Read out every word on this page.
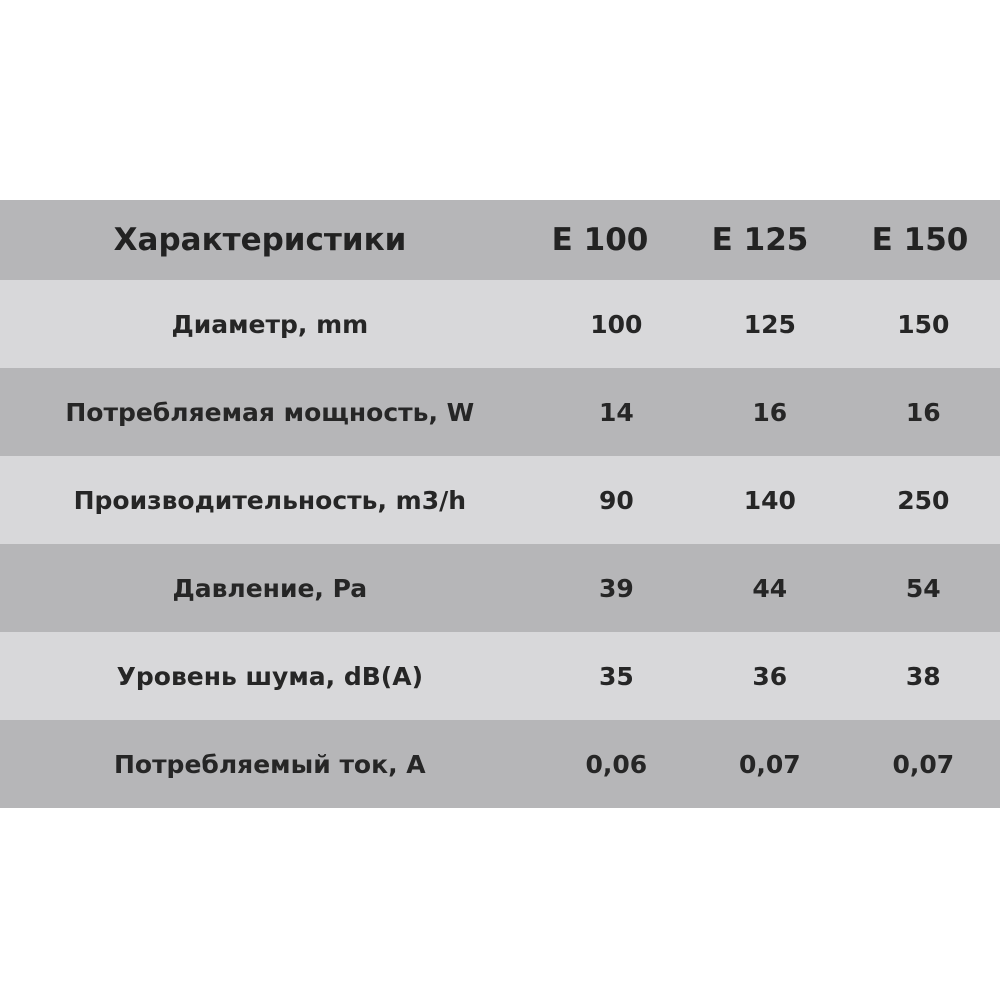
Характеристики	E 100	E 125	E 150
Диаметр, mm	100	125	150
Потребляемая мощность, W	14	16	16
Производительность, m3/h	90	140	250
Давление, Pa	39	44	54
Уровень шума, dB(A)	35	36	38
Потребляемый ток, A	0,06	0,07	0,07
